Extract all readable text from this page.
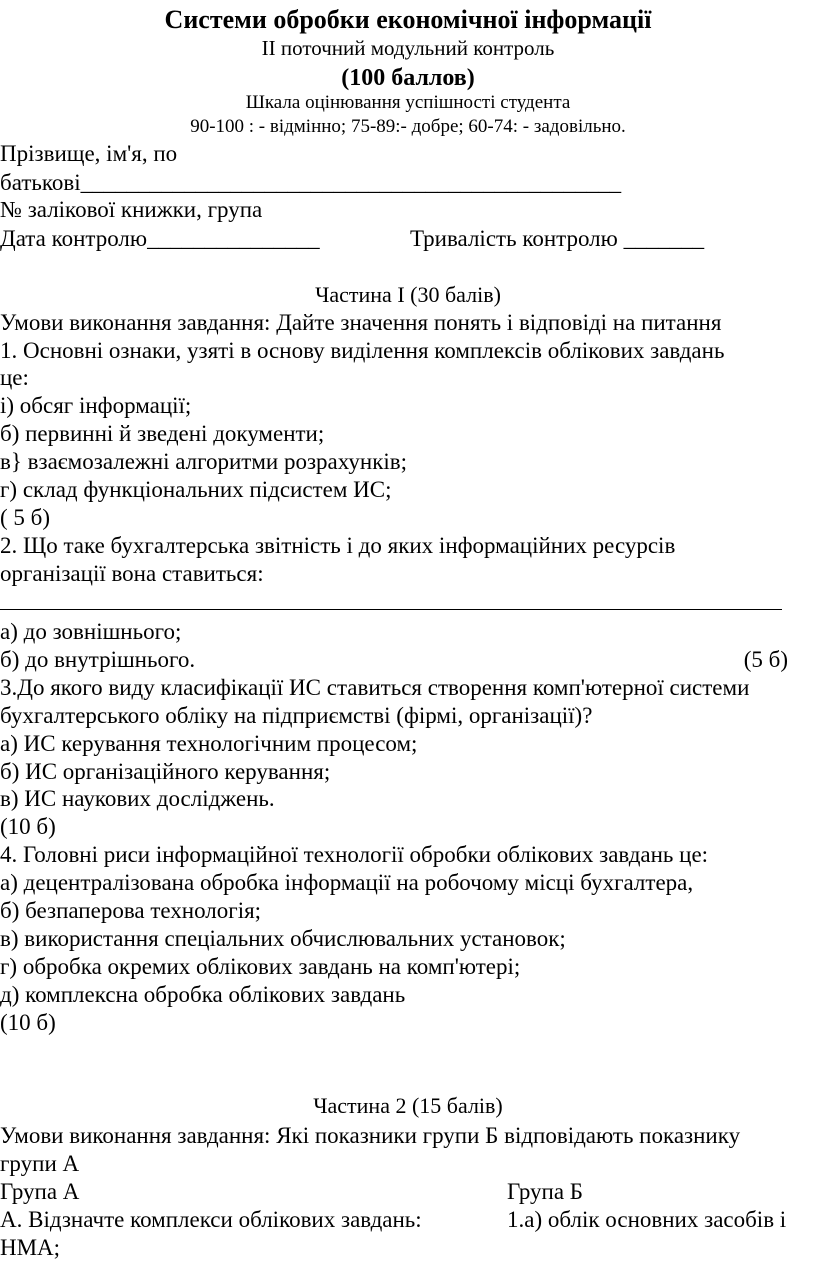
Системи обробки економічної інформації
ІІ поточний модульний контроль
(100 баллов)
Шкала оцінювання успішності студента
90-100 : - відмінно; 75-89:- добре; 60-74: - задовільно.
Прізвище, ім'я, по
батькові_______________________________________________
№ залікової книжки, група
Дата контролю_______________	Тривалість контролю _______
Частина І (30 балів)
Умови виконання завдання: Дайте значення понять і відповіді на питання
1. Основні ознаки, узяті в основу виділення комплексів облікових завдань
це:
і) обсяг інформації;
б) первинні й зведені документи;
в} взаємозалежні алгоритми розрахунків;
г) склад функціональних підсистем ИС;
( 5 б)
2. Що таке бухгалтерська звітність і до яких інформаційних ресурсів
організації вона ставиться:
а) до зовнішнього;
б) до внутрішнього.	(5 б)
3.До якого виду класифікації ИС ставиться створення комп'ютерної системи
бухгалтерського обліку на підприємстві (фірмі, організації)?
а) ИС керування технологічним процесом;
б) ИС організаційного керування;
в) ИС наукових досліджень.
(10 б)
4. Головні риси інформаційної технології обробки облікових завдань це:
а) децентралізована обробка інформації на робочому місці бухгалтера,
б) безпаперова технологія;
в) використання спеціальних обчислювальних установок;
г) обробка окремих облікових завдань на комп'ютері;
д) комплексна обробка облікових завдань
(10 б)
Частина 2 (15 балів)
Умови виконання завдання: Які показники групи Б відповідають показнику
групи А
Група А	Група Б
А. Відзначте комплекси облікових завдань:	1.а) облік основних засобів і
НМА;
